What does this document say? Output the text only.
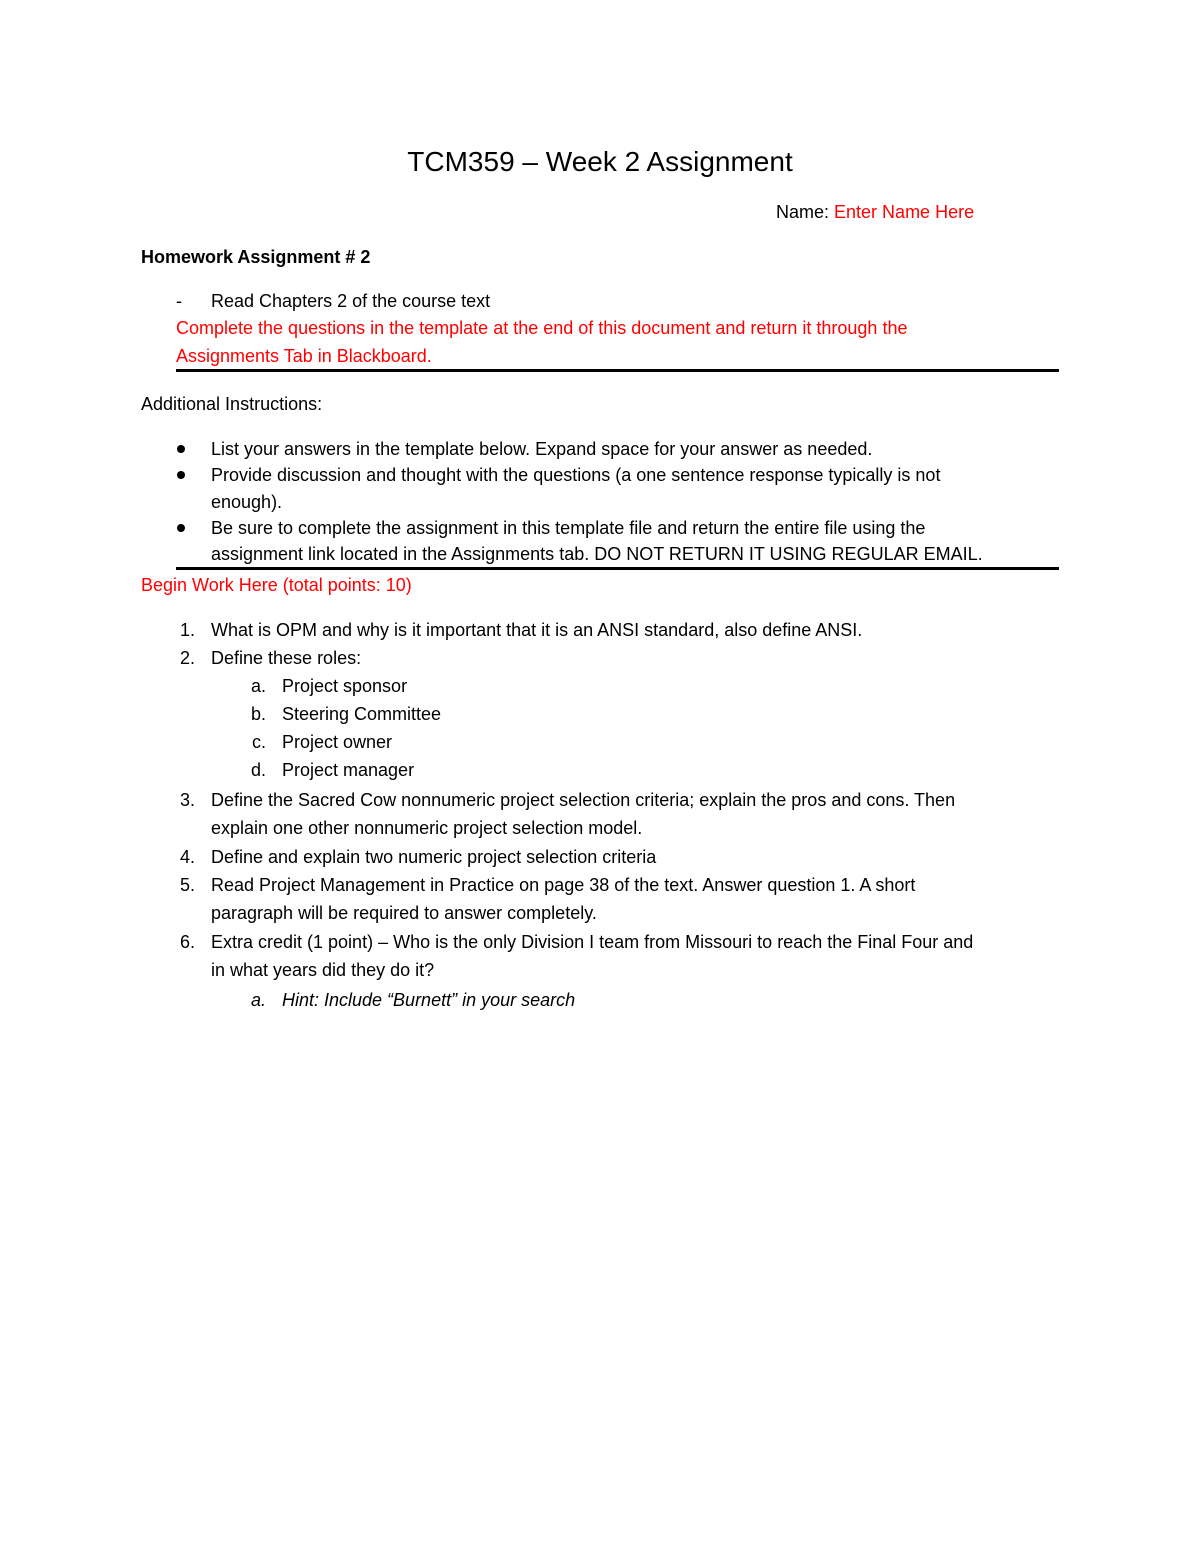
TCM359 – Week 2 Assignment
Name: Enter Name Here
Homework Assignment # 2
- Read Chapters 2 of the course text
Complete the questions in the template at the end of this document and return it through the
Assignments Tab in Blackboard.
Additional Instructions:
List your answers in the template below. Expand space for your answer as needed.
Provide discussion and thought with the questions (a one sentence response typically is not
enough).
Be sure to complete the assignment in this template file and return the entire file using the
assignment link located in the Assignments tab. DO NOT RETURN IT USING REGULAR EMAIL.
Begin Work Here (total points: 10)
1. What is OPM and why is it important that it is an ANSI standard, also define ANSI.
2. Define these roles:
a. Project sponsor
b. Steering Committee
c. Project owner
d. Project manager
3. Define the Sacred Cow nonnumeric project selection criteria; explain the pros and cons. Then
explain one other nonnumeric project selection model.
4. Define and explain two numeric project selection criteria
5. Read Project Management in Practice on page 38 of the text. Answer question 1. A short
paragraph will be required to answer completely.
6. Extra credit (1 point) – Who is the only Division I team from Missouri to reach the Final Four and
in what years did they do it?
a. Hint: Include “Burnett” in your search
